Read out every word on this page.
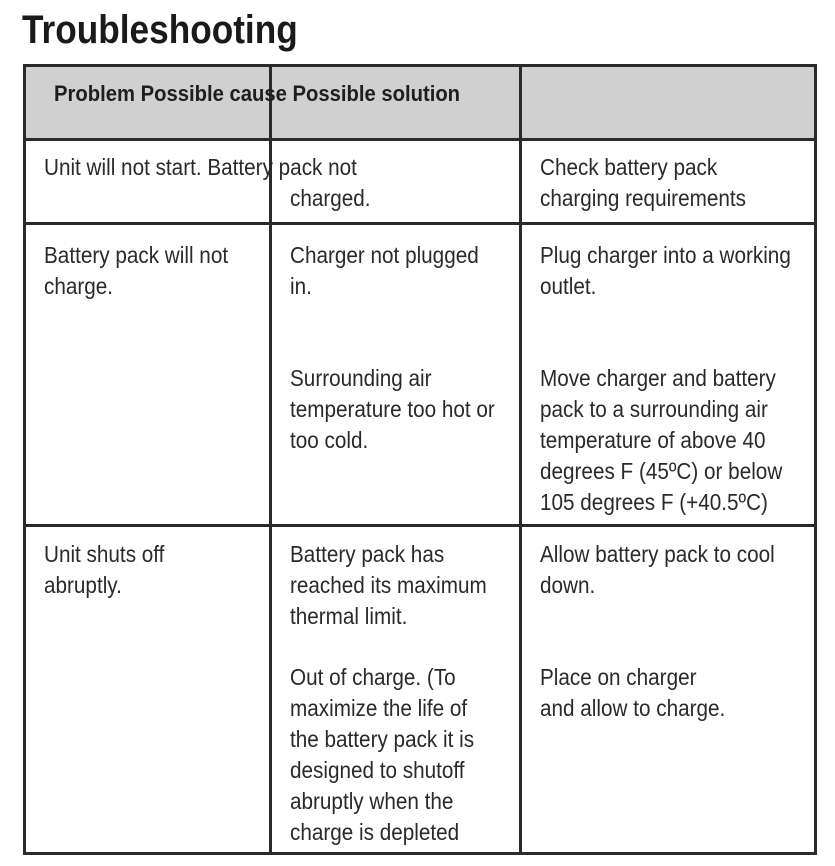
Troubleshooting
Problem Possible cause Possible solution
Unit will not start. Battery pack not
charged.
Check battery pack
charging requirements
Battery pack will not
charge.
Charger not plugged
in.
Surrounding air
temperature too hot or
too cold.
Plug charger into a working
outlet.
Move charger and battery
pack to a surrounding air
temperature of above 40
degrees F (45ºC) or below
105 degrees F (+40.5ºC)
Unit shuts off
abruptly.
Battery pack has
reached its maximum
thermal limit.
Out of charge. (To
maximize the life of
the battery pack it is
designed to shutoff
abruptly when the
charge is depleted
Allow battery pack to cool
down.
Place on charger
and allow to charge.
